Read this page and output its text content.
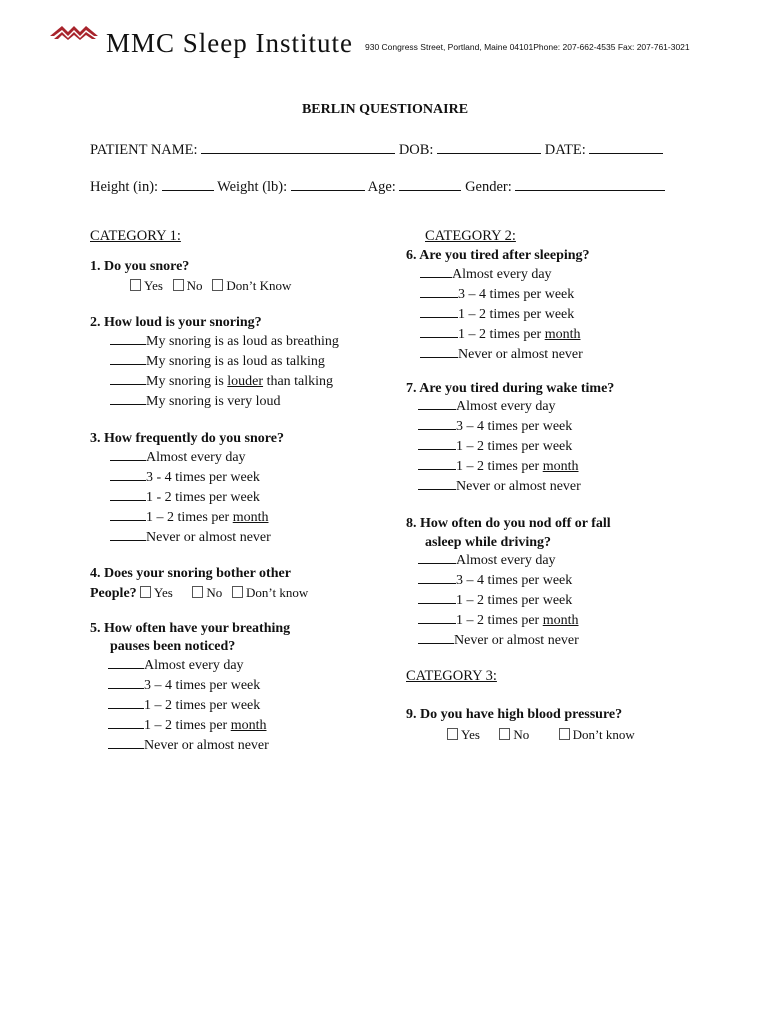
MMC Sleep Institute 930 Congress Street, Portland, Maine 04101Phone: 207-662-4535 Fax: 207-761-3021
BERLIN QUESTIONAIRE
PATIENT NAME:	DOB:	DATE:
Height (in):	Weight (lb):	Age:	Gender:
CATEGORY 1:
1. Do you snore?
Yes No Don’t Know
2. How loud is your snoring?
My snoring is as loud as breathing
My snoring is as loud as talking
My snoring is louder than talking
My snoring is very loud
3. How frequently do you snore?
Almost every day
3 - 4 times per week
1 - 2 times per week
1 – 2 times per month
Never or almost never
4. Does your snoring bother other
People? Yes	No Don’t know
5. How often have your breathing
pauses been noticed?
Almost every day
3 – 4 times per week
1 – 2 times per week
1 – 2 times per month
Never or almost never
CATEGORY 2:
6. Are you tired after sleeping?
Almost every day
3 – 4 times per week
1 – 2 times per week
1 – 2 times per month
Never or almost never
7. Are you tired during wake time?
Almost every day
3 – 4 times per week
1 – 2 times per week
1 – 2 times per month
Never or almost never
8. How often do you nod off or fall
asleep while driving?
Almost every day
3 – 4 times per week
1 – 2 times per week
1 – 2 times per month
Never or almost never
CATEGORY 3:
9. Do you have high blood pressure?
Yes	No	Don’t know
